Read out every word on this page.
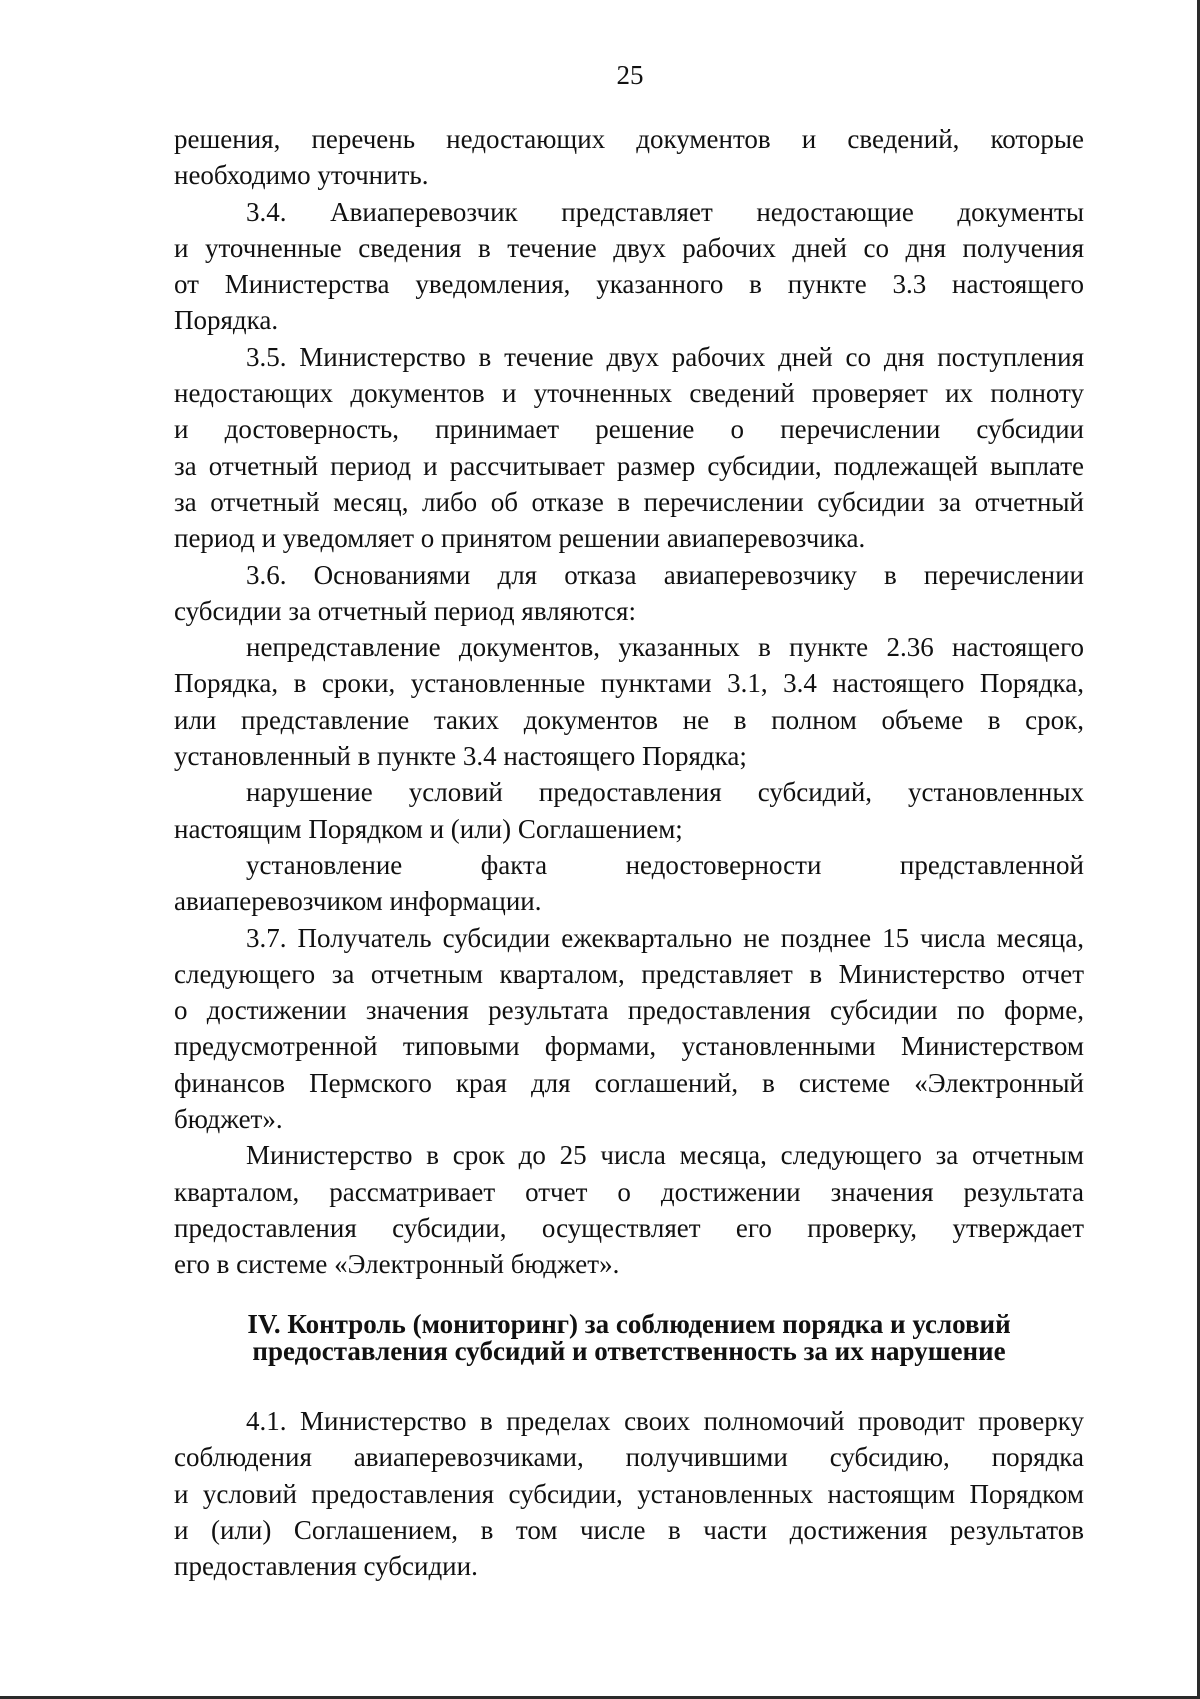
25
решения, перечень недостающих документов и сведений, которые
необходимо уточнить.
3.4. Авиаперевозчик представляет недостающие документы
и уточненные сведения в течение двух рабочих дней со дня получения
от Министерства уведомления, указанного в пункте 3.3 настоящего
Порядка.
3.5. Министерство в течение двух рабочих дней со дня поступления
недостающих документов и уточненных сведений проверяет их полноту
и достоверность, принимает решение о перечислении субсидии
за отчетный период и рассчитывает размер субсидии, подлежащей выплате
за отчетный месяц, либо об отказе в перечислении субсидии за отчетный
период и уведомляет о принятом решении авиаперевозчика.
3.6. Основаниями для отказа авиаперевозчику в перечислении
субсидии за отчетный период являются:
непредставление документов, указанных в пункте 2.36 настоящего
Порядка, в сроки, установленные пунктами 3.1, 3.4 настоящего Порядка,
или представление таких документов не в полном объеме в срок,
установленный в пункте 3.4 настоящего Порядка;
нарушение условий предоставления субсидий, установленных
настоящим Порядком и (или) Соглашением;
установление факта недостоверности представленной
авиаперевозчиком информации.
3.7. Получатель субсидии ежеквартально не позднее 15 числа месяца,
следующего за отчетным кварталом, представляет в Министерство отчет
о достижении значения результата предоставления субсидии по форме,
предусмотренной типовыми формами, установленными Министерством
финансов Пермского края для соглашений, в системе «Электронный
бюджет».
Министерство в срок до 25 числа месяца, следующего за отчетным
кварталом, рассматривает отчет о достижении значения результата
предоставления субсидии, осуществляет его проверку, утверждает
его в системе «Электронный бюджет».
IV. Контроль (мониторинг) за соблюдением порядка и условий
предоставления субсидий и ответственность за их нарушение
4.1. Министерство в пределах своих полномочий проводит проверку
соблюдения авиаперевозчиками, получившими субсидию, порядка
и условий предоставления субсидии, установленных настоящим Порядком
и (или) Соглашением, в том числе в части достижения результатов
предоставления субсидии.
